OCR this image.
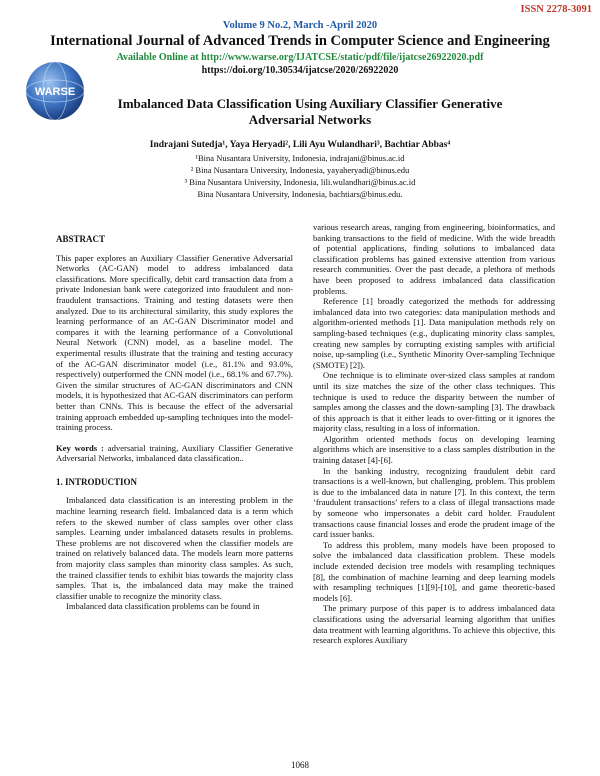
ISSN 2278-3091
Volume 9 No.2, March -April 2020
International Journal of Advanced Trends in Computer Science and Engineering
Available Online at http://www.warse.org/IJATCSE/static/pdf/file/ijatcse26922020.pdf
https://doi.org/10.30534/ijatcse/2020/26922020
WARSE
Imbalanced Data Classification Using Auxiliary Classifier Generative
Adversarial Networks
Indrajani Sutedja¹, Yaya Heryadi², Lili Ayu Wulandhari³, Bachtiar Abbas⁴
¹Bina Nusantara University, Indonesia, indrajani@binus.ac.id
² Bina Nusantara University, Indonesia, yayaheryadi@binus.edu
³ Bina Nusantara University, Indonesia, lili.wulandhari@binus.ac.id
Bina Nusantara University, Indonesia, bachtiars@binus.edu.

ABSTRACT

This paper explores an Auxiliary Classifier Generative Adversarial Networks (AC-GAN) model to address imbalanced data classifications. More specifically, debit card transaction data from a private Indonesian bank were categorized into fraudulent and non-fraudulent transactions. Training and testing datasets were then analyzed. Due to its architectural similarity, this study explores the learning performance of an AC-GAN Discriminator model and compares it with the learning performance of a Convolutional Neural Network (CNN) model, as a baseline model. The experimental results illustrate that the training and testing accuracy of the AC-GAN discriminator model (i.e., 81.1% and 93.0%, respectively) outperformed the CNN model (i.e., 68.1% and 67.7%). Given the similar structures of AC-GAN discriminators and CNN models, it is hypothesized that AC-GAN discriminators can perform better than CNNs. This is because the effect of the adversarial training approach embedded up-sampling techniques into the model-training process.

Key words : adversarial training, Auxiliary Classifier Generative Adversarial Networks, imbalanced data classification..

1. INTRODUCTION

Imbalanced data classification is an interesting problem in the machine learning research field. Imbalanced data is a term which refers to the skewed number of class samples over other class samples. Learning under imbalanced datasets results in problems. These problems are not discovered when the classifier models are trained on relatively balanced data. The models learn more patterns from majority class samples than minority class samples. As such, the trained classifier tends to exhibit bias towards the majority class samples. That is, the imbalanced data may make the trained classifier unable to recognize the minority class.

Imbalanced data classification problems can be found in

various research areas, ranging from engineering, bioinformatics, and banking transactions to the field of medicine. With the wide breadth of potential applications, finding solutions to imbalanced data classification problems has gained extensive attention from various research communities. Over the past decade, a plethora of methods have been proposed to address imbalanced data classification problems.

Reference [1] broadly categorized the methods for addressing imbalanced data into two categories: data manipulation methods and algorithm-oriented methods [1]. Data manipulation methods rely on sampling-based techniques (e.g., duplicating minority class samples, creating new samples by corrupting existing samples with artificial noise, up-sampling (i.e., Synthetic Minority Over-sampling Technique (SMOTE) [2]).

One technique is to eliminate over-sized class samples at random until its size matches the size of the other class techniques. This technique is used to reduce the disparity between the number of samples among the classes and the down-sampling [3]. The drawback of this approach is that it either leads to over-fitting or it ignores the majority class, resulting in a loss of information.

Algorithm oriented methods focus on developing learning algorithms which are insensitive to a class samples distribution in the training dataset [4]-[6].

In the banking industry, recognizing fraudulent debit card transactions is a well-known, but challenging, problem. This problem is due to the imbalanced data in nature [7]. In this context, the term ‘fraudulent transactions’ refers to a class of illegal transactions made by someone who impersonates a debit card holder. Fraudulent transactions cause financial losses and erode the prudent image of the card issuer banks.

To address this problem, many models have been proposed to solve the imbalanced data classification problem. These models include extended decision tree models with resampling techniques [8], the combination of machine learning and deep learning models with resampling techniques [1][9]-[10], and game theoretic-based models [6].

The primary purpose of this paper is to address imbalanced data classifications using the adversarial learning algorithm that unifies data treatment with learning algorithms. To achieve this objective, this research explores Auxiliary

1068
